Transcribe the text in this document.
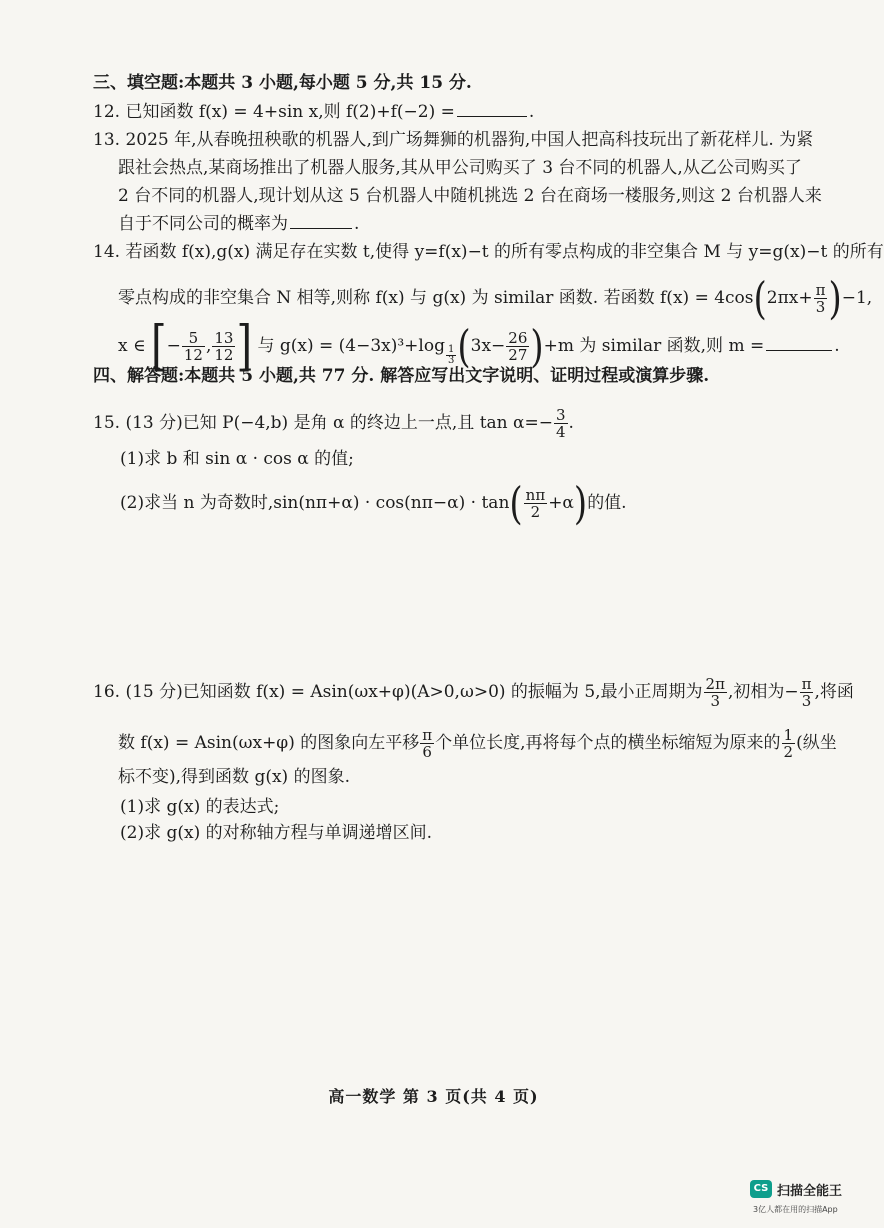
三、填空题:本题共 3 小题,每小题 5 分,共 15 分.
12. 已知函数 f(x) = 4+sin x,则 f(2)+f(−2) =	.
13. 2025 年,从春晚扭秧歌的机器人,到广场舞狮的机器狗,中国人把高科技玩出了新花样儿. 为紧
跟社会热点,某商场推出了机器人服务,其从甲公司购买了 3 台不同的机器人,从乙公司购买了
2 台不同的机器人,现计划从这 5 台机器人中随机挑选 2 台在商场一楼服务,则这 2 台机器人来
自于不同公司的概率为	.
14. 若函数 f(x),g(x) 满足存在实数 t,使得 y=f(x)−t 的所有零点构成的非空集合 M 与 y=g(x)−t 的所有
零点构成的非空集合 N 相等,则称 f(x) 与 g(x) 为 similar 函数. 若函数 $f(x) = 4\cos(2\pi x+ \frac{\pi}{3} )-1$,
x ∈ [− $\frac{5}{12}$ , $\frac{13}{12}$ ] 与 $g(x) = (4-3x)^3+\log \frac{1}{3} (3x- \frac{26}{27} )+m$ 为 similar 函数,则 m =	.
四、解答题:本题共 5 小题,共 77 分. 解答应写出文字说明、证明过程或演算步骤.
15. (13 分)已知 P(−4,b) 是角 α 的终边上一点,且 $\tan \alpha=- \frac{3}{4}$ .
(1)求 b 和 sin α · cos α 的值;
(2)求当 n 为奇数时$,\sin(n\pi+\alpha) \cdot \cos(n\pi-\alpha) \cdot \tan( \frac{n\pi}{2} +\alpha)$的值.
16. (15 分)已知函数 f(x) = Asin(ωx+φ)(A>0,ω>0) 的振幅为 5,最小正周期为 $\frac{2\pi}{3}$ ,初相为− $\frac{\pi}{3}$ ,将函
数 f(x) = Asin(ωx+φ) 的图象向左平移 $\frac{\pi}{6}$ 个单位长度,再将每个点的横坐标缩短为原来的 $\frac{1}{2}$ (纵坐
标不变),得到函数 g(x) 的图象.
(1)求 g(x) 的表达式;
(2)求 g(x) 的对称轴方程与单调递增区间.
高一数学 第 3 页(共 4 页)
CS 扫描全能王
3亿人都在用的扫描App
